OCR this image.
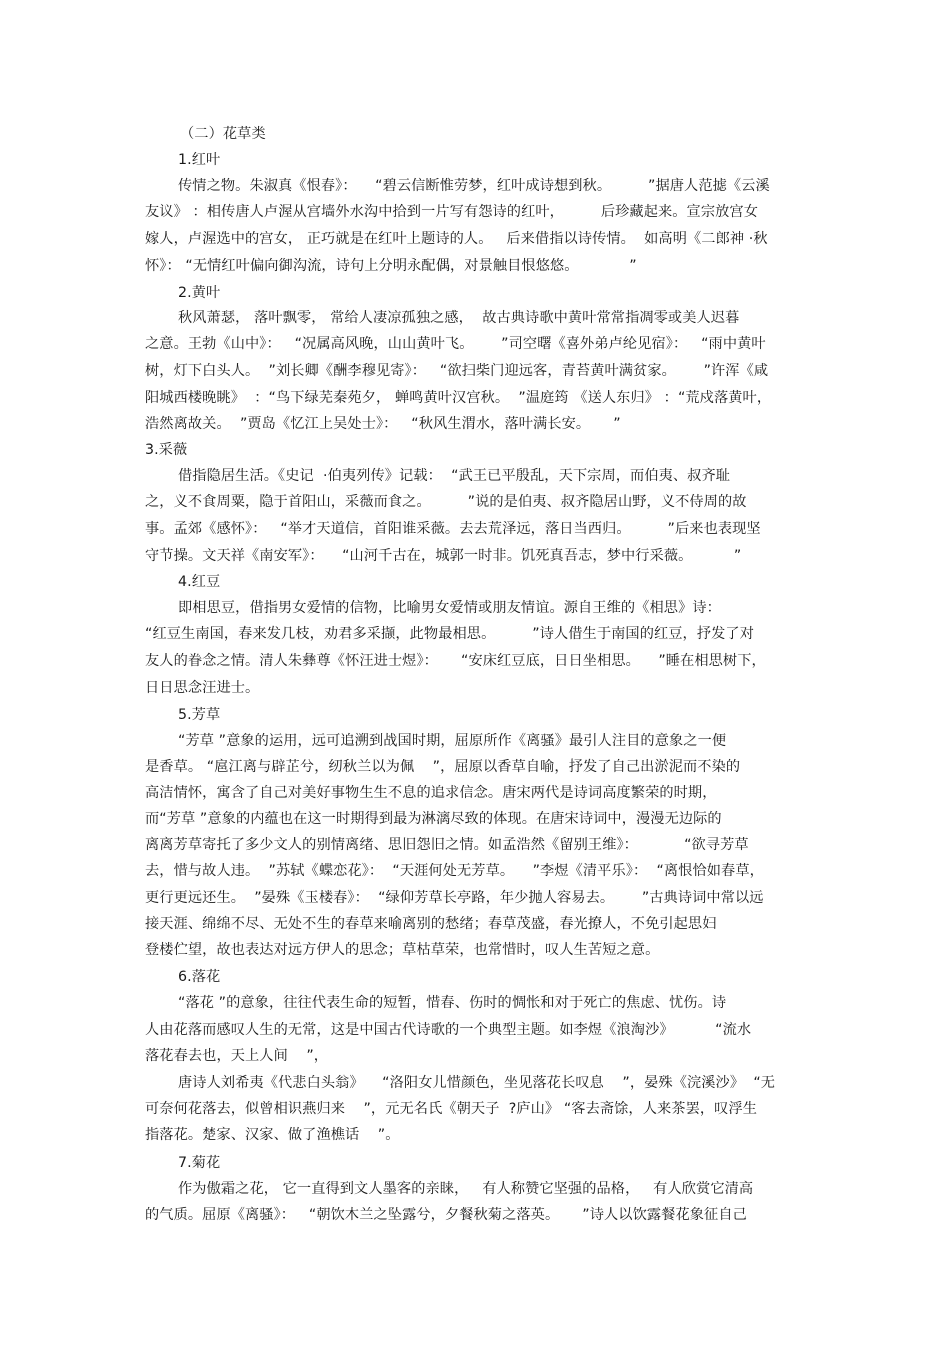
（二）花草类
1.红叶
传情之物。朱淑真《恨春》：    “碧云信断惟劳梦，红叶成诗想到秋。        ”据唐人范摅《云溪
友议》 ：相传唐人卢渥从宫墙外水沟中拾到一片写有怨诗的红叶，        后珍藏起来。宣宗放宫女
嫁人，卢渥选中的宫女， 正巧就是在红叶上题诗的人。   后来借指以诗传情。  如高明《二郎神 ·秋
怀》： “无情红叶偏向御沟流，诗句上分明永配偶，对景触目恨悠悠。           ”
2.黄叶
秋风萧瑟， 落叶飘零， 常给人凄凉孤独之感，  故古典诗歌中黄叶常常指凋零或美人迟暮
之意。王勃《山中》：   “况属高风晚，山山黄叶飞。      ”司空曙《喜外弟卢纶见宿》：   “雨中黄叶
树，灯下白头人。  ”刘长卿《酬李穆见寄》：   “欲扫柴门迎远客，青苔黄叶满贫家。      ”许浑《咸
阳城西楼晚眺》  ：“鸟下绿芜秦苑夕， 蝉鸣黄叶汉宫秋。  ”温庭筠 《送人东归》 ：“荒戍落黄叶，
浩然离故关。  ”贾岛《忆江上吴处士》：   “秋风生渭水，落叶满长安。     ”
3.采薇
借指隐居生活。《史记  ·伯夷列传》记载：  “武王已平殷乱，天下宗周，而伯夷、叔齐耻
之，义不食周粟，隐于首阳山，采薇而食之。        ”说的是伯夷、叔齐隐居山野，义不侍周的故
事。孟郊《感怀》：   “举才天道信，首阳谁采薇。去去荒泽远，落日当西归。        ”后来也表现坚
守节操。文天祥《南安军》：    “山河千古在，城郭一时非。饥死真吾志，梦中行采薇。         ”
4.红豆
即相思豆，借指男女爱情的信物，比喻男女爱情或朋友情谊。源自王维的《相思》诗：
“红豆生南国，春来发几枝，劝君多采撷，此物最相思。        ”诗人借生于南国的红豆，抒发了对
友人的眷念之情。清人朱彝尊《怀汪进士煜》：     “安床红豆底，日日坐相思。    ”睡在相思树下，
日日思念汪进士。
5.芳草
“芳草 ”意象的运用，远可追溯到战国时期，屈原所作《离骚》最引人注目的意象之一便
是香草。 “扈江离与辟芷兮，纫秋兰以为佩    ”，屈原以香草自喻，抒发了自己出淤泥而不染的
高洁情怀，寓含了自己对美好事物生生不息的追求信念。唐宋两代是诗词高度繁荣的时期，
而“芳草 ”意象的内蕴也在这一时期得到最为淋漓尽致的体现。在唐宋诗词中，漫漫无边际的
离离芳草寄托了多少文人的别情离绪、思旧怨旧之情。如孟浩然《留别王维》：          “欲寻芳草
去，惜与故人违。  ”苏轼《蝶恋花》：  “天涯何处无芳草。    ”李煜《清平乐》：  “离恨恰如春草，
更行更远还生。  ”晏殊《玉楼春》：  “绿仰芳草长亭路，年少抛人容易去。      ”古典诗词中常以远
接天涯、绵绵不尽、无处不生的春草来喻离别的愁绪；春草茂盛，春光撩人，不免引起思妇
登楼伫望，故也表达对远方伊人的思念；草枯草荣，也常惜时，叹人生苦短之意。
6.落花
“落花 ”的意象，往往代表生命的短暂，惜春、伤时的惆怅和对于死亡的焦虑、忧伤。诗
人由花落而感叹人生的无常，这是中国古代诗歌的一个典型主题。如李煜《浪淘沙》         “流水
落花春去也，天上人间    ”，
唐诗人刘希夷《代悲白头翁》    “洛阳女儿惜颜色，坐见落花长叹息    ”，晏殊《浣溪沙》  “无
可奈何花落去，似曾相识燕归来    ”，元无名氏《朝天子  ?庐山》 “客去斋馀，人来茶罢，叹浮生
指落花。楚家、汉家、做了渔樵话    ”。
7.菊花
作为傲霜之花， 它一直得到文人墨客的亲睐，   有人称赞它坚强的品格，   有人欣赏它清高
的气质。屈原《离骚》：   “朝饮木兰之坠露兮，夕餐秋菊之落英。     ”诗人以饮露餐花象征自己
